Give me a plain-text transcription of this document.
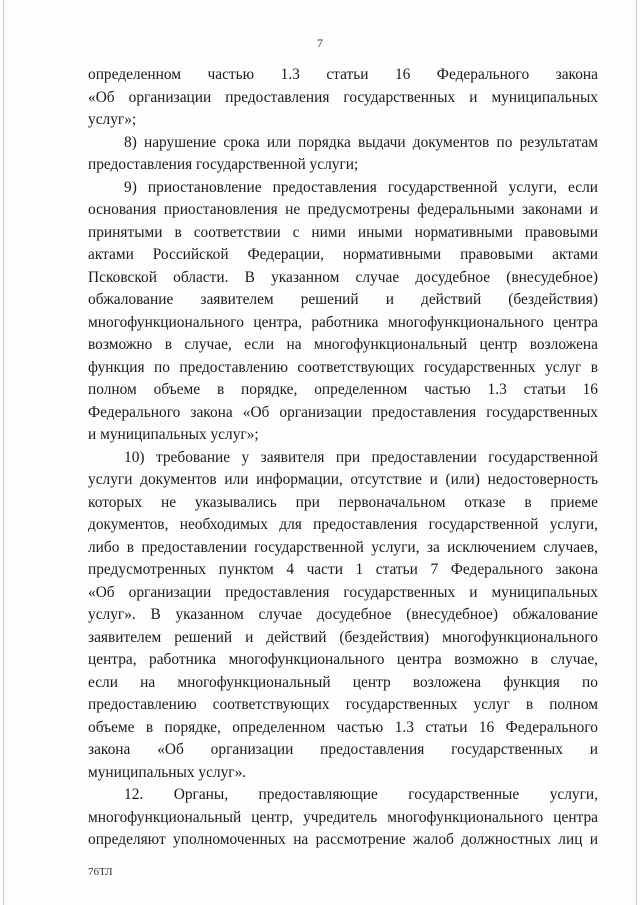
7
определенном частью 1.3 статьи 16 Федерального закона
«Об организации предоставления государственных и муниципальных
услуг»;
8) нарушение срока или порядка выдачи документов по результатам
предоставления государственной услуги;
9) приостановление предоставления государственной услуги, если
основания приостановления не предусмотрены федеральными законами и
принятыми в соответствии с ними иными нормативными правовыми
актами Российской Федерации, нормативными правовыми актами
Псковской области. В указанном случае досудебное (внесудебное)
обжалование заявителем решений и действий (бездействия)
многофункционального центра, работника многофункционального центра
возможно в случае, если на многофункциональный центр возложена
функция по предоставлению соответствующих государственных услуг в
полном объеме в порядке, определенном частью 1.3 статьи 16
Федерального закона «Об организации предоставления государственных
и муниципальных услуг»;
10) требование у заявителя при предоставлении государственной
услуги документов или информации, отсутствие и (или) недостоверность
которых не указывались при первоначальном отказе в приеме
документов, необходимых для предоставления государственной услуги,
либо в предоставлении государственной услуги, за исключением случаев,
предусмотренных пунктом 4 части 1 статьи 7 Федерального закона
«Об организации предоставления государственных и муниципальных
услуг». В указанном случае досудебное (внесудебное) обжалование
заявителем решений и действий (бездействия) многофункционального
центра, работника многофункционального центра возможно в случае,
если на многофункциональный центр возложена функция по
предоставлению соответствующих государственных услуг в полном
объеме в порядке, определенном частью 1.3 статьи 16 Федерального
закона «Об организации предоставления государственных и
муниципальных услуг».
12. Органы, предоставляющие государственные услуги,
многофункциональный центр, учредитель многофункционального центра
определяют уполномоченных на рассмотрение жалоб должностных лиц и
76ТЛ
